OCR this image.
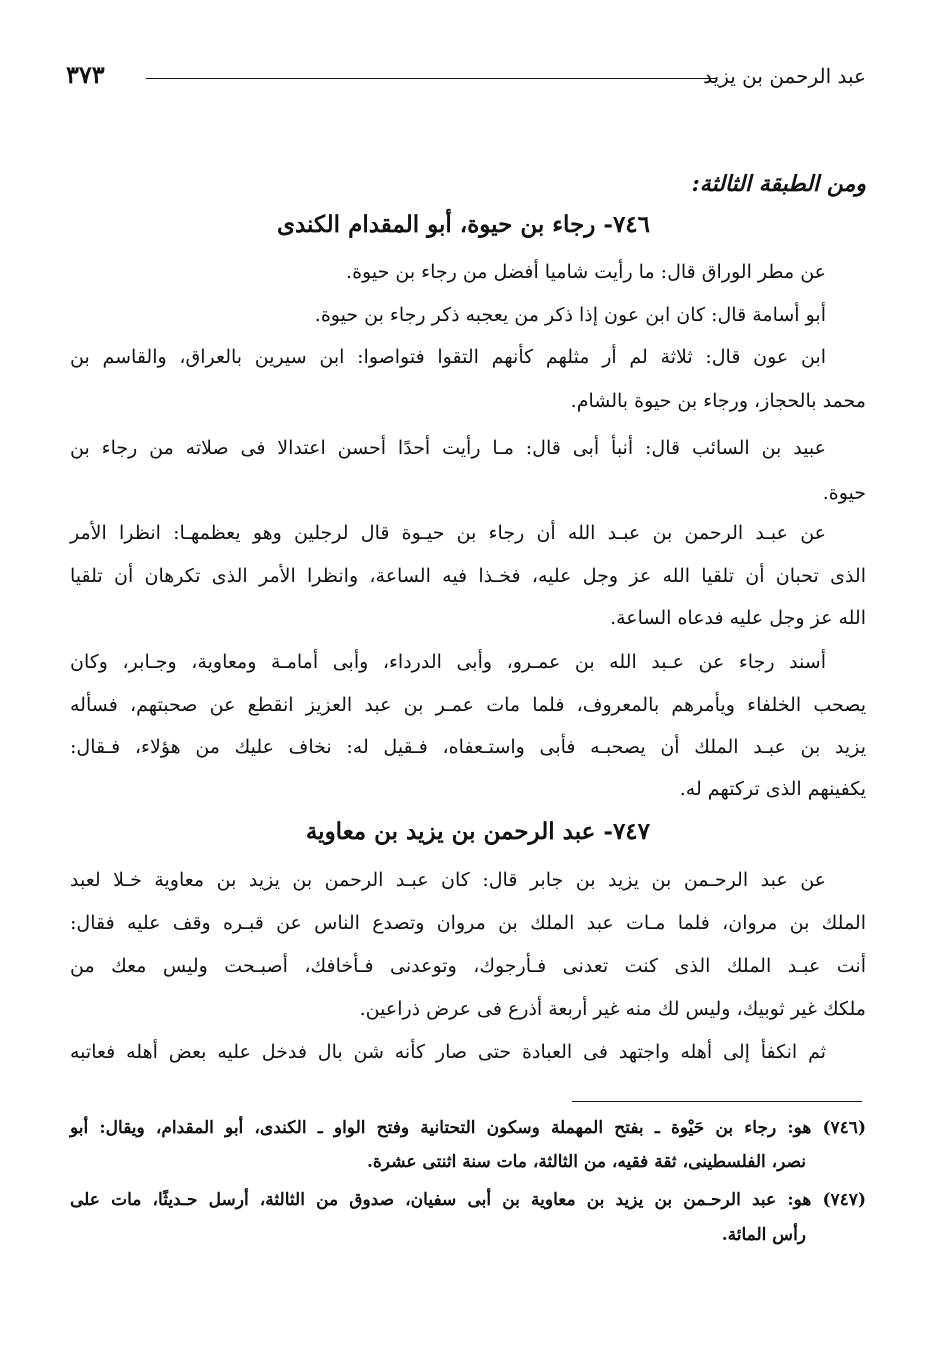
عبد الرحمن بن يزيد
٣٧٣
ومن الطبقة الثالثة:
٧٤٦- رجاء بن حيوة، أبو المقدام الكندى
عن مطر الوراق قال: ما رأيت شاميا أفضل من رجاء بن حيوة.
أبو أسامة قال: كان ابن عون إذا ذكر من يعجبه ذكر رجاء بن حيوة.
ابن عون قال: ثلاثة لم أر مثلهم كأنهم التقوا فتواصوا: ابن سيرين بالعراق، والقاسم بن
محمد بالحجاز، ورجاء بن حيوة بالشام.
عبيد بن السائب قال: أنبأ أبى قال: مـا رأيت أحدًا أحسن اعتدالا فى صلاته من رجاء بن
حيوة.
عن عبـد الرحمن بن عبـد الله أن رجاء بن حيـوة قال لرجلين وهو يعظمهـا: انظرا الأمر
الذى تحبان أن تلقيا الله عز وجل عليه، فخـذا فيه الساعة، وانظرا الأمر الذى تكرهان أن تلقيا
الله عز وجل عليه فدعاه الساعة.
أسند رجاء عن عـبد الله بن عمـرو، وأبى الدرداء، وأبى أمامـة ومعاوية، وجـابر، وكان
يصحب الخلفاء ويأمرهم بالمعروف، فلما مات عمـر بن عبد العزيز انقطع عن صحبتهم، فسأله
يزيد بن عبـد الملك أن يصحبـه فأبى واستـعفاه، فـقيل له: نخاف عليك من هؤلاء، فـقال:
يكفينهم الذى تركتهم له.
٧٤٧- عبد الرحمن بن يزيد بن معاوية
عن عبد الرحـمن بن يزيد بن جابر قال: كان عبـد الرحمن بن يزيد بن معاوية خـلا لعبد
الملك بن مروان، فلما مـات عبد الملك بن مروان وتصدع الناس عن قبـره وقف عليه فقال:
أنت عبـد الملك الذى كنت تعدنى فـأرجوك، وتوعدنى فـأخافك، أصبـحت وليس معك من
ملكك غير ثوبيك، وليس لك منه غير أربعة أذرع فى عرض ذراعين.
ثم انكفأ إلى أهله واجتهد فى العبادة حتى صار كأنه شن بال فدخل عليه بعض أهله فعاتبه
(٧٤٦) هو: رجاء بن حَيْوة ـ بفتح المهملة وسكون التحتانية وفتح الواو ـ الكندى، أبو المقدام، ويقال: أبو
نصر، الفلسطينى، ثقة فقيه، من الثالثة، مات سنة اثنتى عشرة.
(٧٤٧) هو: عبد الرحـمن بن يزيد بن معاوية بن أبى سفيان، صدوق من الثالثة، أرسل حـديثًا، مات على
رأس المائة.
